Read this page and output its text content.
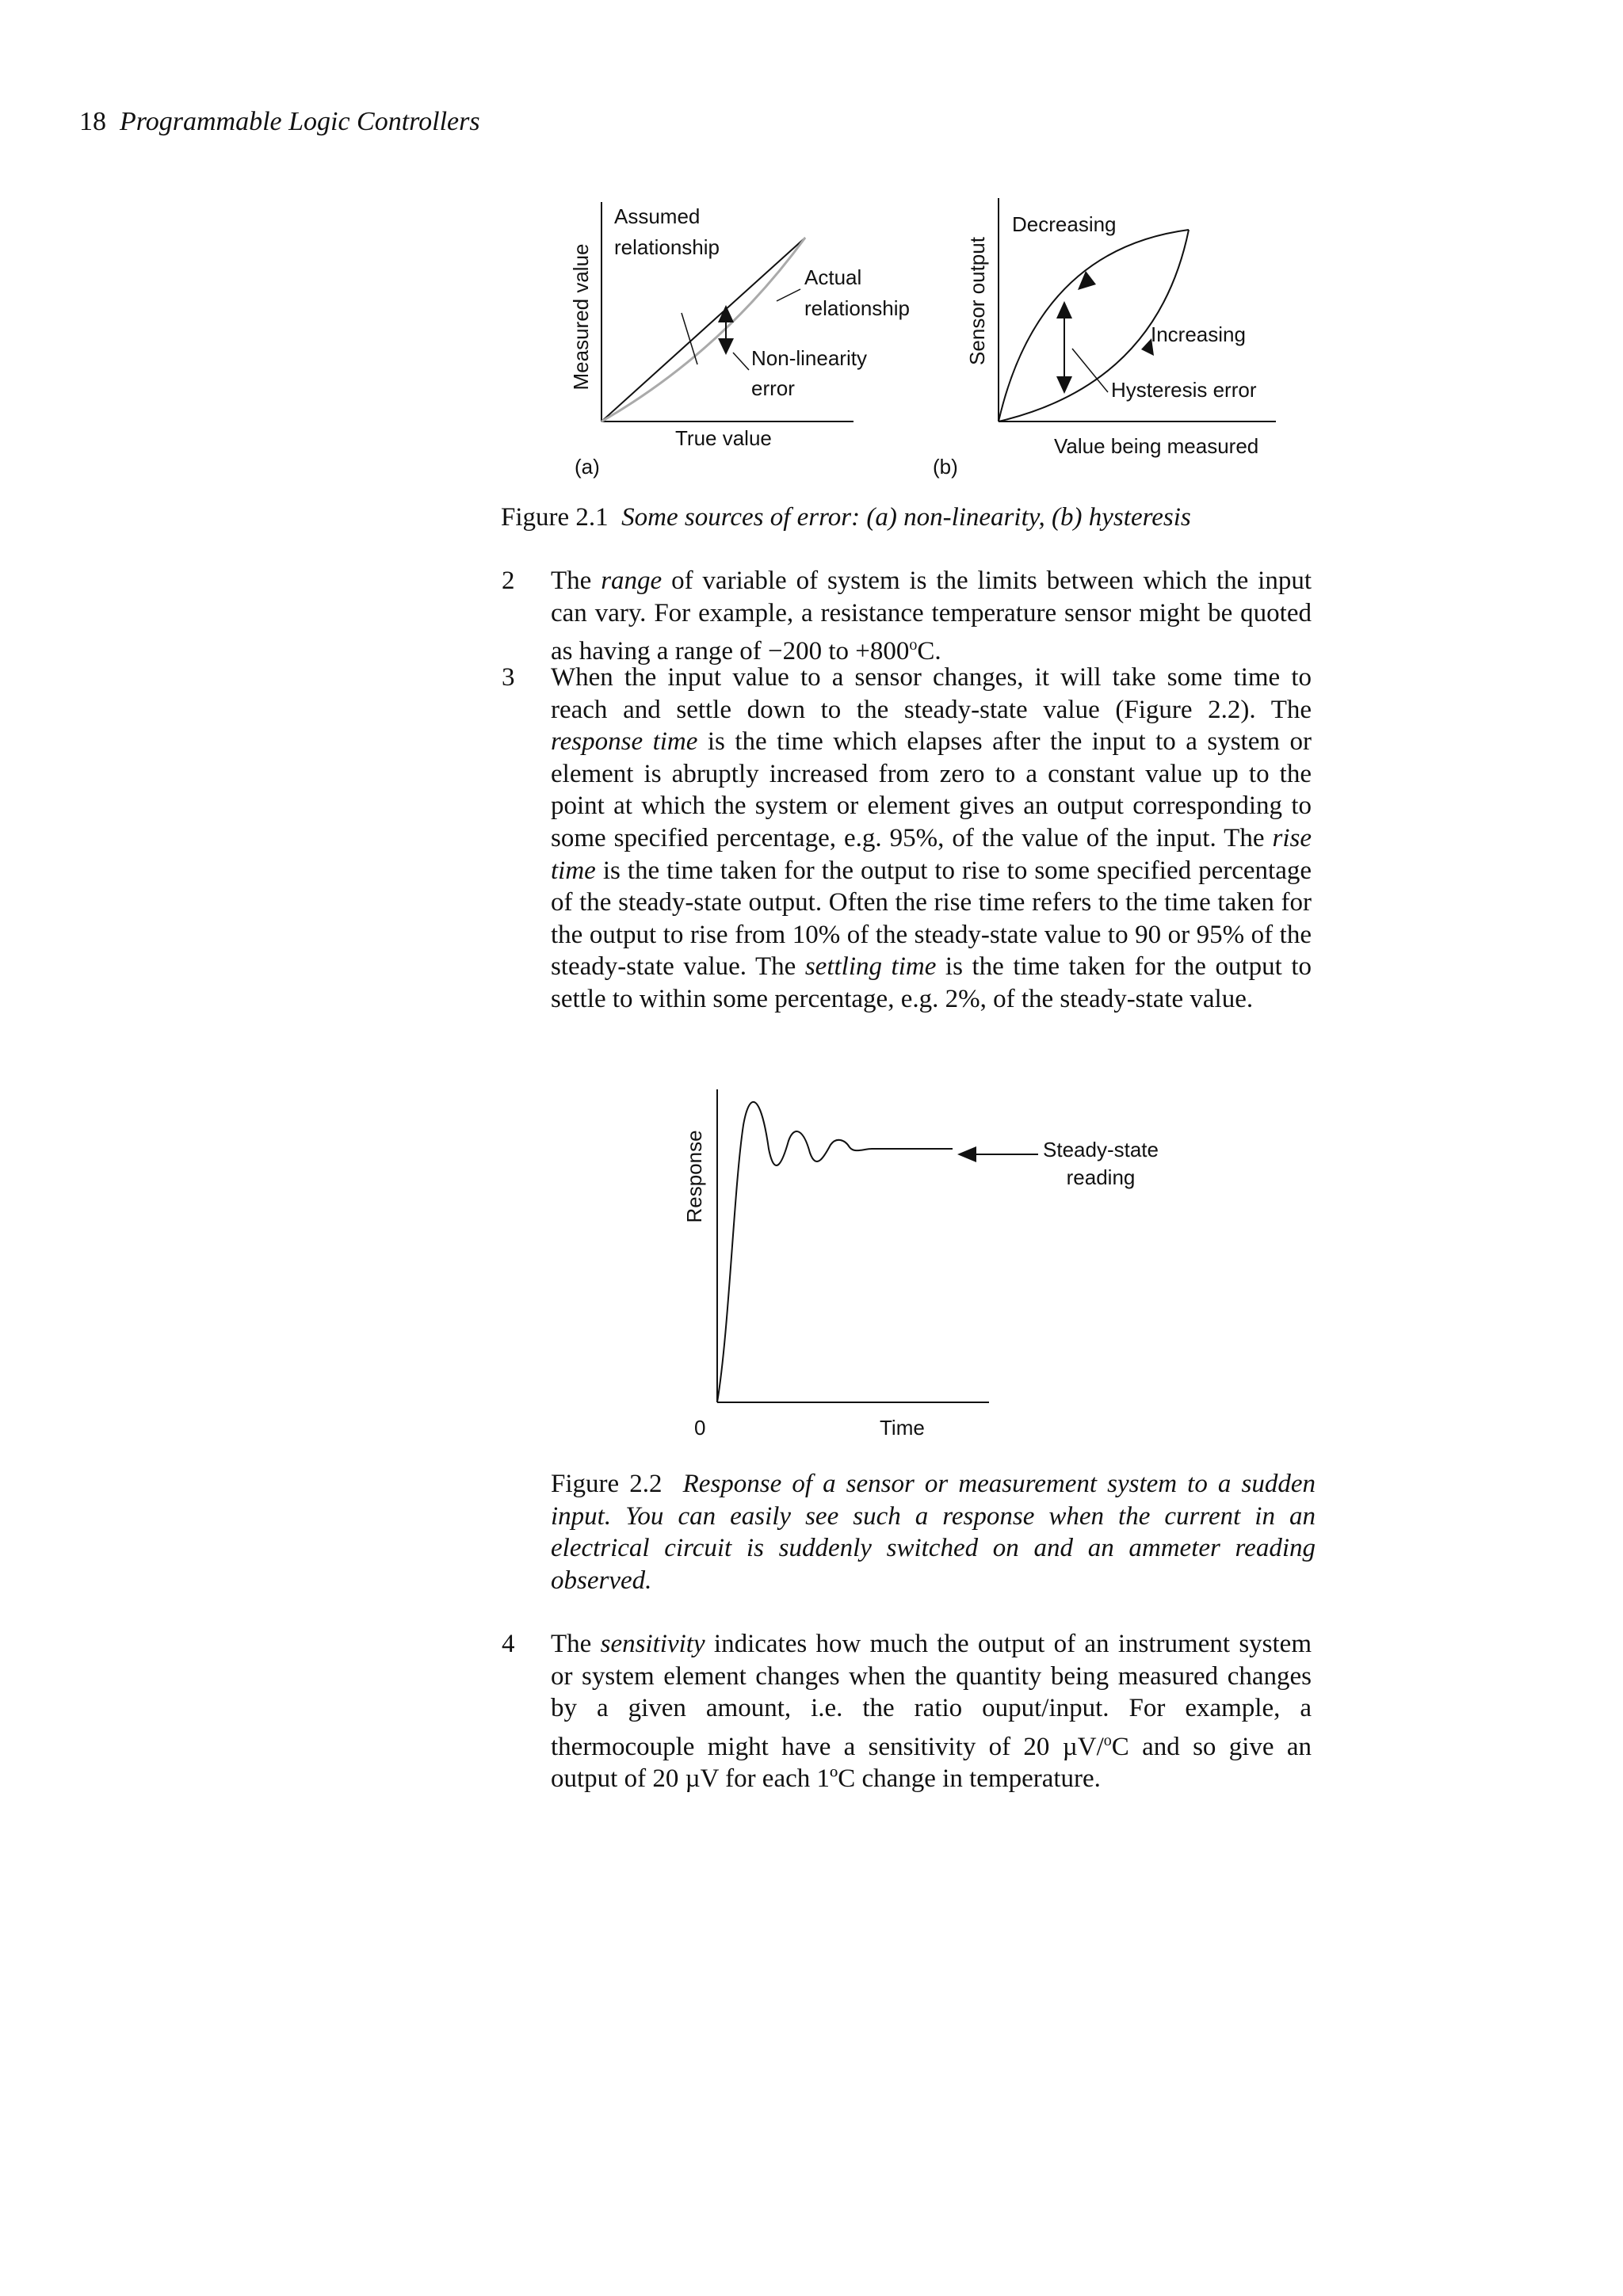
18 Programmable Logic Controllers
Measured value
True value
Assumed
relationship
Actual
relationship
Non-linearity
error
(a)
Sensor output
Value being measured
Decreasing
Increasing
Hysteresis error
(b)
Figure 2.1 Some sources of error: (a) non-linearity, (b) hysteresis
2	The range of variable of system is the limits between which the input can vary. For example, a resistance temperature sensor might be quoted as having a range of −200 to $+800^oC$.
3	When the input value to a sensor changes, it will take some time to reach and settle down to the steady-state value (Figure 2.2). The response time is the time which elapses after the input to a system or element is abruptly increased from zero to a constant value up to the point at which the system or element gives an output corresponding to some specified percentage, e.g. 95%, of the value of the input. The rise time is the time taken for the output to rise to some specified percentage of the steady-state output. Often the rise time refers to the time taken for the output to rise from 10% of the steady-state value to 90 or 95% of the steady-state value. The settling time is the time taken for the output to settle to within some percentage, e.g. 2%, of the steady-state value.
Response
Time
0
Steady-state
reading
Figure 2.2 Response of a sensor or measurement system to a sudden input. You can easily see such a response when the current in an electrical circuit is suddenly switched on and an ammeter reading observed.
4	The sensitivity indicates how much the output of an instrument system or system element changes when the quantity being measured changes by a given amount, i.e. the ratio ouput/input. For example, a thermocouple might have a sensitivity of 20 µV/$^o$C and so give an output of 20 µV for each 1ºC change in temperature.
